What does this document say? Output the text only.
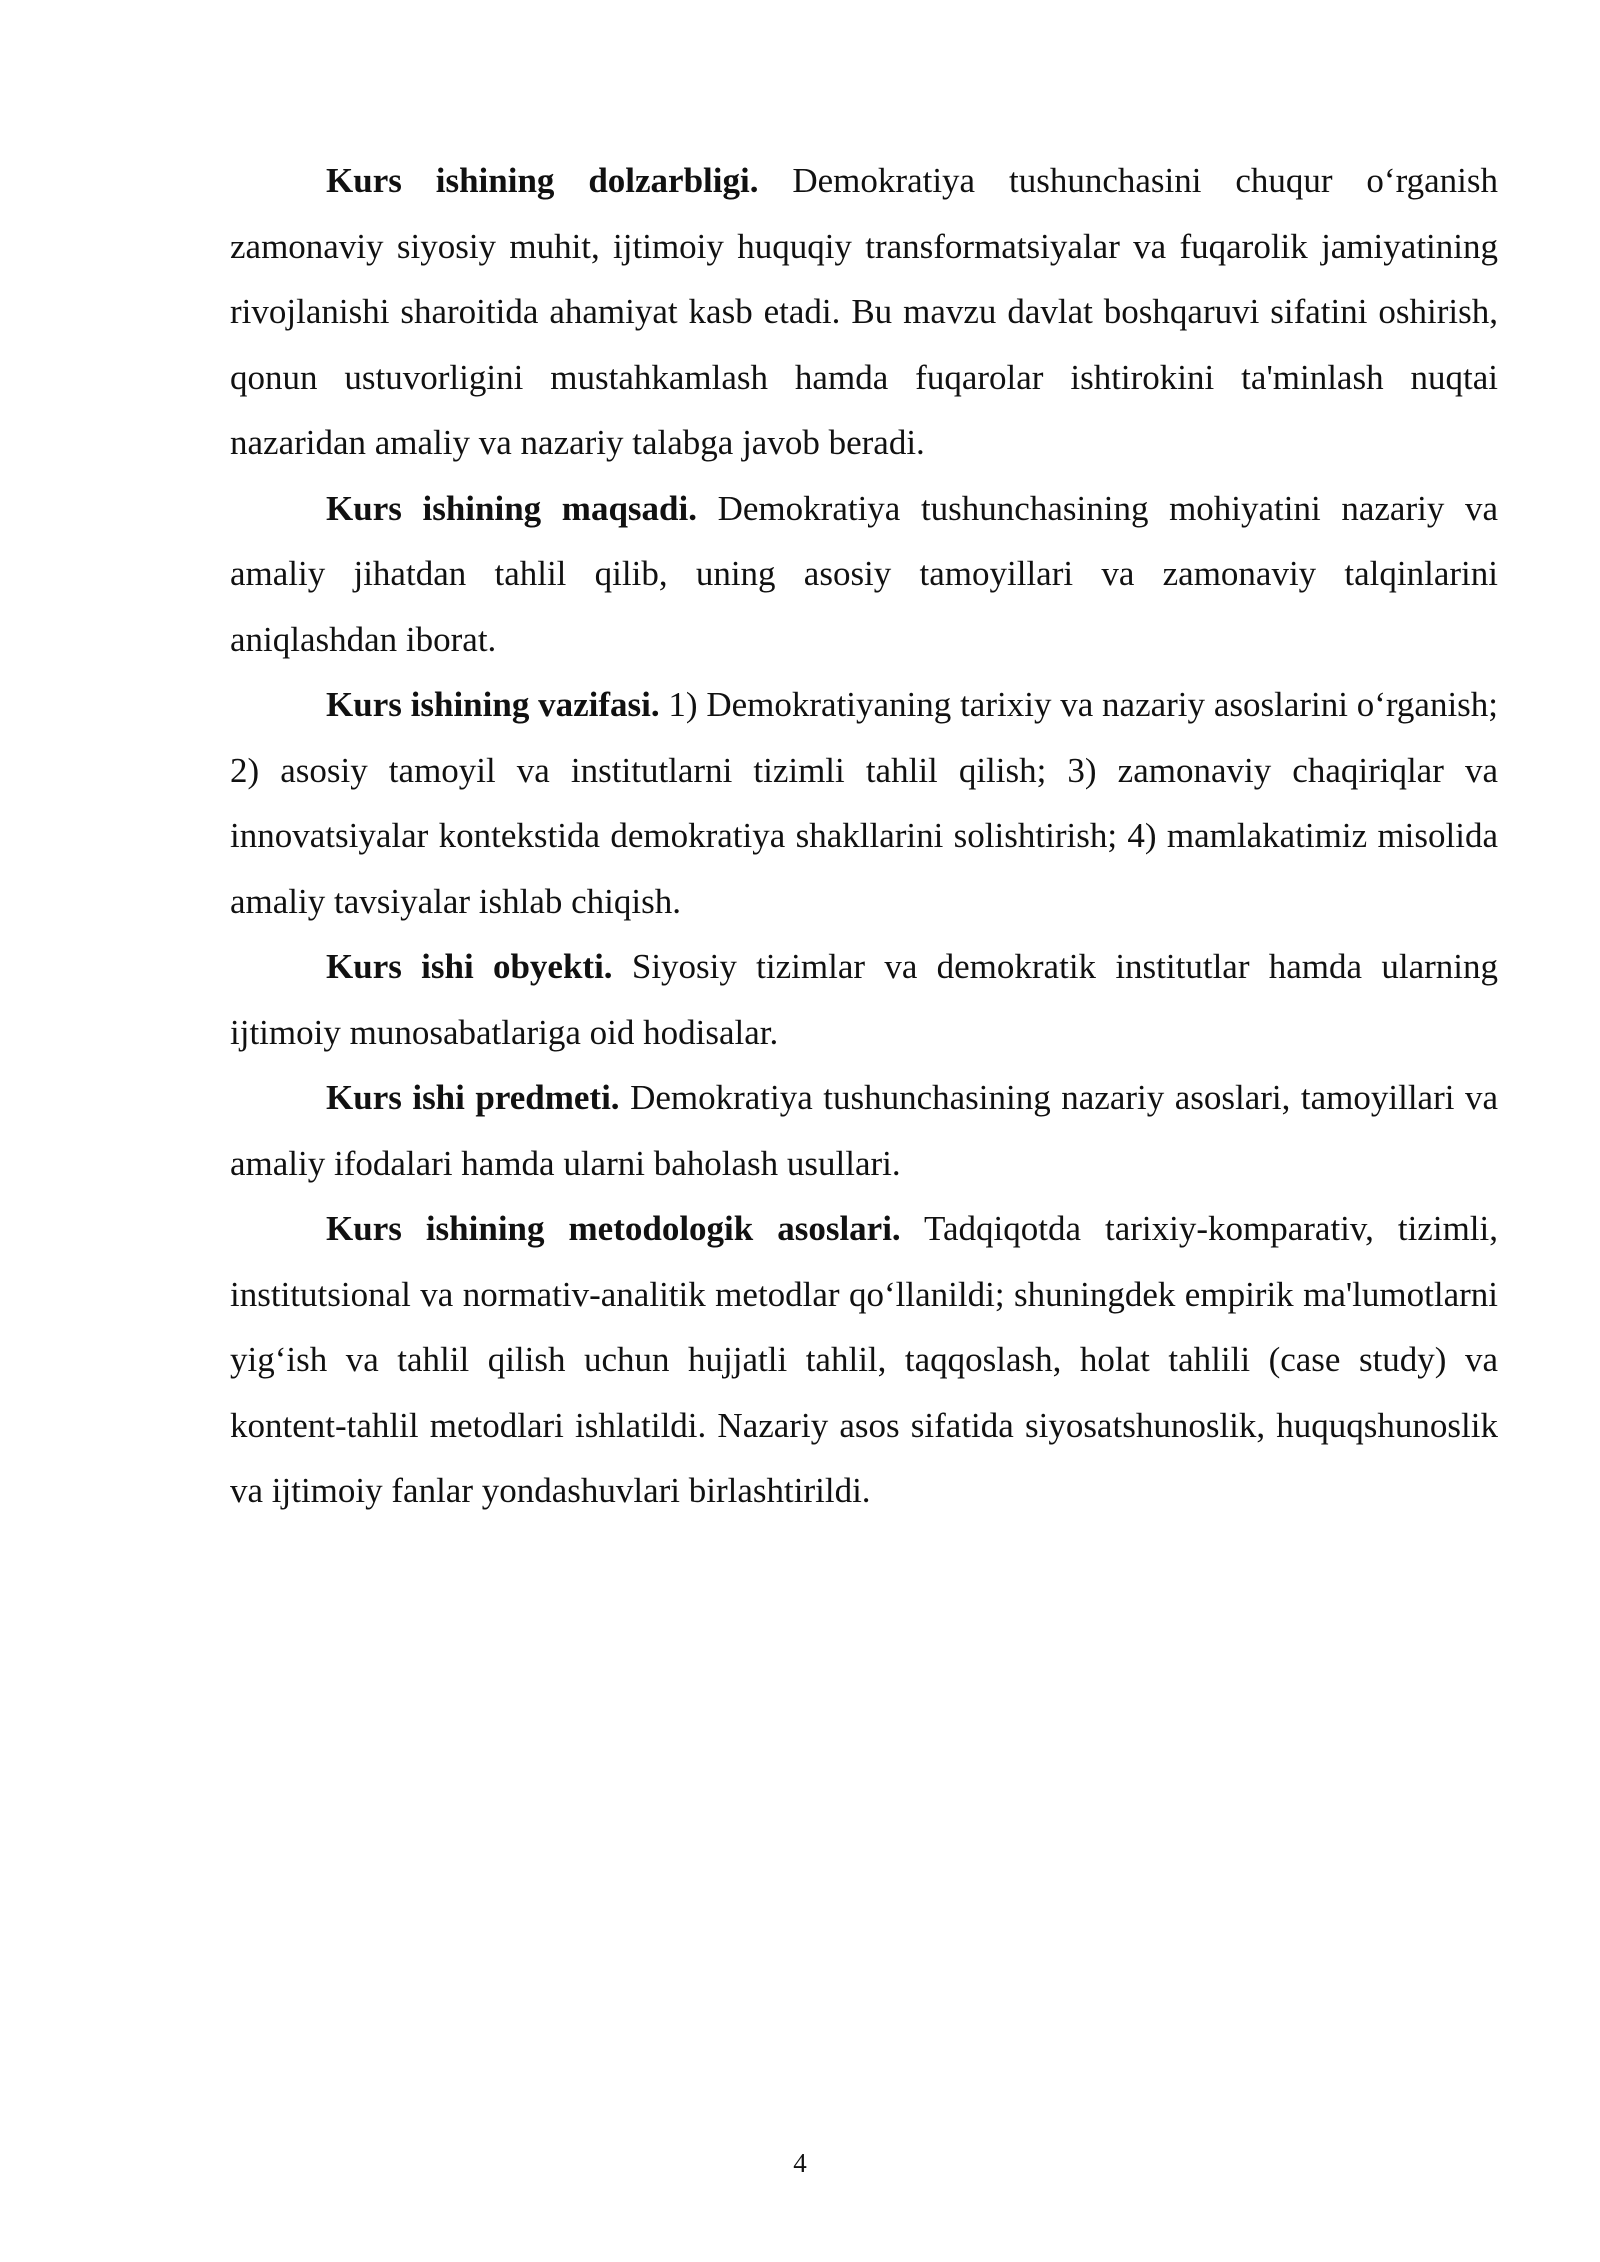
Kurs ishining dolzarbligi. Demokratiya tushunchasini chuqur o‘rganish zamonaviy siyosiy muhit, ijtimoiy huquqiy transformatsiyalar va fuqarolik jamiyatining rivojlanishi sharoitida ahamiyat kasb etadi. Bu mavzu davlat boshqaruvi sifatini oshirish, qonun ustuvorligini mustahkamlash hamda fuqarolar ishtirokini ta'minlash nuqtai nazaridan amaliy va nazariy talabga javob beradi.

Kurs ishining maqsadi. Demokratiya tushunchasining mohiyatini nazariy va amaliy jihatdan tahlil qilib, uning asosiy tamoyillari va zamonaviy talqinlarini aniqlashdan iborat.

Kurs ishining vazifasi. 1) Demokratiyaning tarixiy va nazariy asoslarini o‘rganish; 2) asosiy tamoyil va institutlarni tizimli tahlil qilish; 3) zamonaviy chaqiriqlar va innovatsiyalar kontekstida demokratiya shakllarini solishtirish; 4) mamlakatimiz misolida amaliy tavsiyalar ishlab chiqish.

Kurs ishi obyekti. Siyosiy tizimlar va demokratik institutlar hamda ularning ijtimoiy munosabatlariga oid hodisalar.

Kurs ishi predmeti. Demokratiya tushunchasining nazariy asoslari, tamoyillari va amaliy ifodalari hamda ularni baholash usullari.

Kurs ishining metodologik asoslari. Tadqiqotda tarixiy-komparativ, tizimli, institutsional va normativ-analitik metodlar qo‘llanildi; shuningdek empirik ma'lumotlarni yig‘ish va tahlil qilish uchun hujjatli tahlil, taqqoslash, holat tahlili (case study) va kontent-tahlil metodlari ishlatildi. Nazariy asos sifatida siyosatshunoslik, huquqshunoslik va ijtimoiy fanlar yondashuvlari birlashtirildi.

4
